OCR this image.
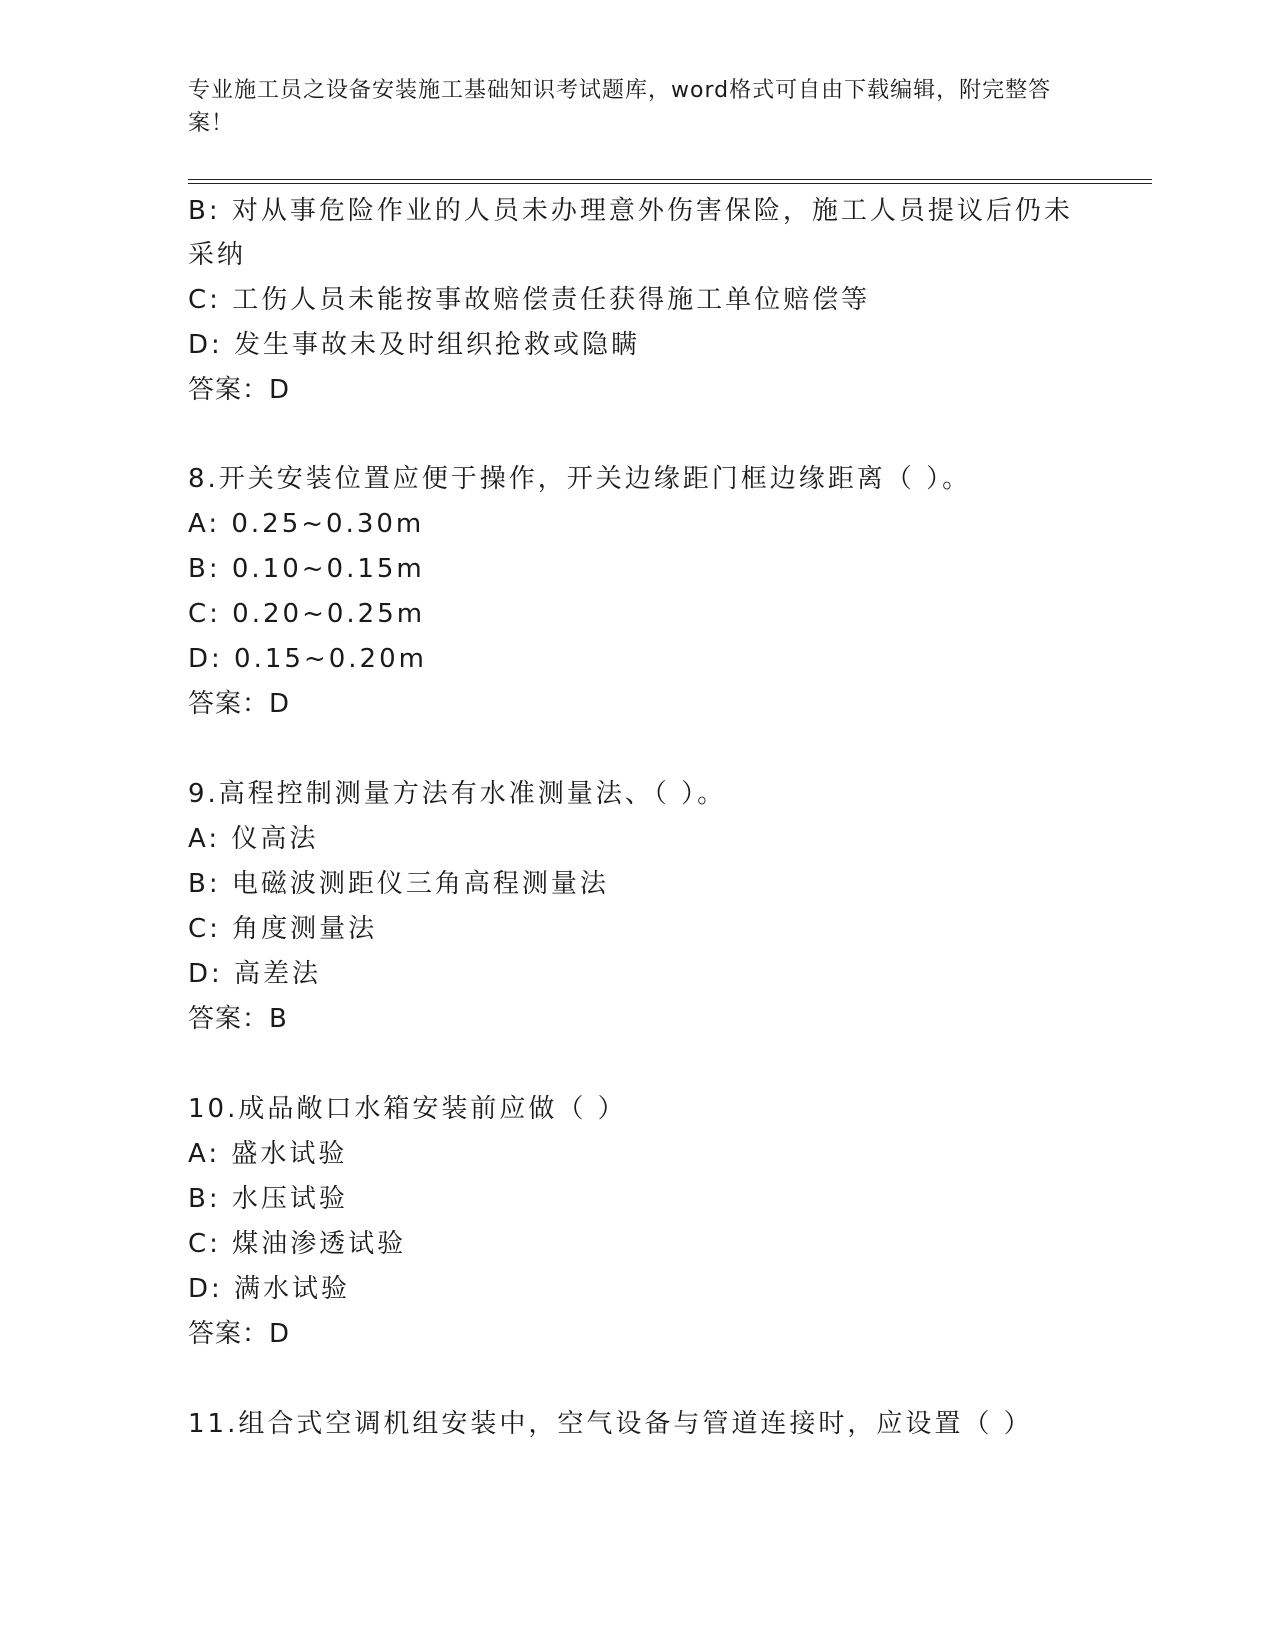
专业施工员之设备安装施工基础知识考试题库，word格式可自由下载编辑，附完整答案！
B: 对从事危险作业的人员未办理意外伤害保险，施工人员提议后仍未
采纳
C: 工伤人员未能按事故赔偿责任获得施工单位赔偿等
D: 发生事故未及时组织抢救或隐瞒
答案：D
8.开关安装位置应便于操作，开关边缘距门框边缘距离（ ）。
A: 0.25~0.30m
B: 0.10~0.15m
C: 0.20~0.25m
D: 0.15~0.20m
答案：D
9.高程控制测量方法有水准测量法、（ ）。
A: 仪高法
B: 电磁波测距仪三角高程测量法
C: 角度测量法
D: 高差法
答案：B
10.成品敞口水箱安装前应做（ ）
A: 盛水试验
B: 水压试验
C: 煤油渗透试验
D: 满水试验
答案：D
11.组合式空调机组安装中，空气设备与管道连接时，应设置（ ）
